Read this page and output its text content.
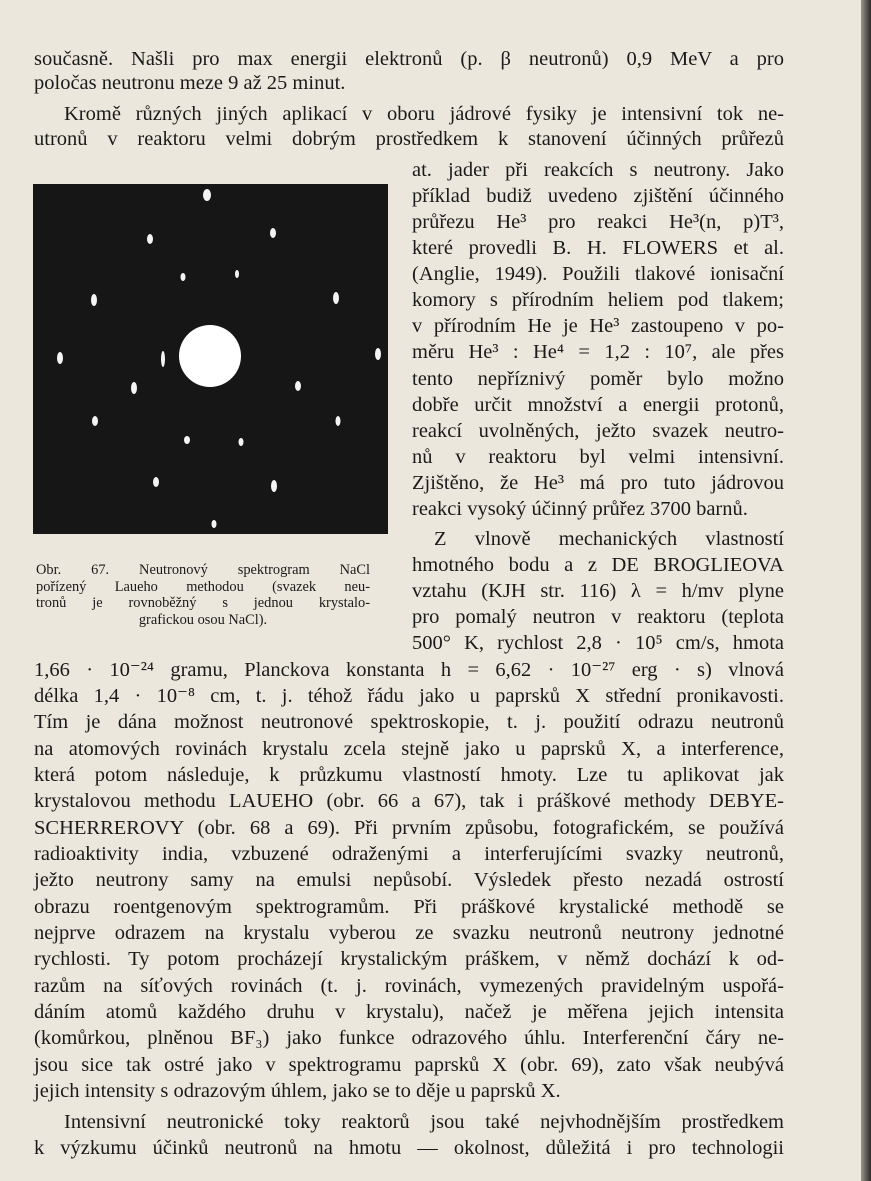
současně. Našli pro max energii elektronů (p. β neutronů) 0,9 MeV a pro
poločas neutronu meze 9 až 25 minut.
Kromě různých jiných aplikací v oboru jádrové fysiky je intensivní tok ne-
utronů v reaktoru velmi dobrým prostředkem k stanovení účinných průřezů
at. jader při reakcích s neutrony. Jako
příklad budiž uvedeno zjištění účinného
průřezu He³ pro reakci He³(n, p)T³,
které provedli B. H. FLOWERS et al.
(Anglie, 1949). Použili tlakové ionisační
komory s přírodním heliem pod tlakem;
v přírodním He je He³ zastoupeno v po-
měru He³ : He⁴ = 1,2 : 10⁷, ale přes
tento nepříznivý poměr bylo možno
dobře určit množství a energii protonů,
reakcí uvolněných, ježto svazek neutro-
nů v reaktoru byl velmi intensivní.
Zjištěno, že He³ má pro tuto jádrovou
reakci vysoký účinný průřez 3700 barnů.
Z vlnově mechanických vlastností
hmotného bodu a z DE BROGLIEOVA
vztahu (KJH str. 116) λ = h/mv plyne
pro pomalý neutron v reaktoru (teplota
500° K, rychlost 2,8 · 10⁵ cm/s, hmota
1,66 · 10⁻²⁴ gramu, Planckova konstanta h = 6,62 · 10⁻²⁷ erg · s) vlnová
délka 1,4 · 10⁻⁸ cm, t. j. téhož řádu jako u paprsků X střední pronikavosti.
Tím je dána možnost neutronové spektroskopie, t. j. použití odrazu neutronů
na atomových rovinách krystalu zcela stejně jako u paprsků X, a interference,
která potom následuje, k průzkumu vlastností hmoty. Lze tu aplikovat jak
krystalovou methodu LAUEHO (obr. 66 a 67), tak i práškové methody DEBYE-
SCHERREROVY (obr. 68 a 69). Při prvním způsobu, fotografickém, se používá
radioaktivity india, vzbuzené odraženými a interferujícími svazky neutronů,
ježto neutrony samy na emulsi nepůsobí. Výsledek přesto nezadá ostrostí
obrazu roentgenovým spektrogramům. Při práškové krystalické methodě se
nejprve odrazem na krystalu vyberou ze svazku neutronů neutrony jednotné
rychlosti. Ty potom procházejí krystalickým práškem, v němž dochází k od-
razům na síťových rovinách (t. j. rovinách, vymezených pravidelným uspořá-
dáním atomů každého druhu v krystalu), načež je měřena jejich intensita
(komůrkou, plněnou BF₃) jako funkce odrazového úhlu. Interferenční čáry ne-
jsou sice tak ostré jako v spektrogramu paprsků X (obr. 69), zato však neubývá
jejich intensity s odrazovým úhlem, jako se to děje u paprsků X.
Intensivní neutronické toky reaktorů jsou také nejvhodnějším prostředkem
k výzkumu účinků neutronů na hmotu — okolnost, důležitá i pro technologii
Obr. 67. Neutronový spektrogram NaCl
pořízený Laueho methodou (svazek neu-
tronů je rovnoběžný s jednou krystalo-
grafickou osou NaCl).
